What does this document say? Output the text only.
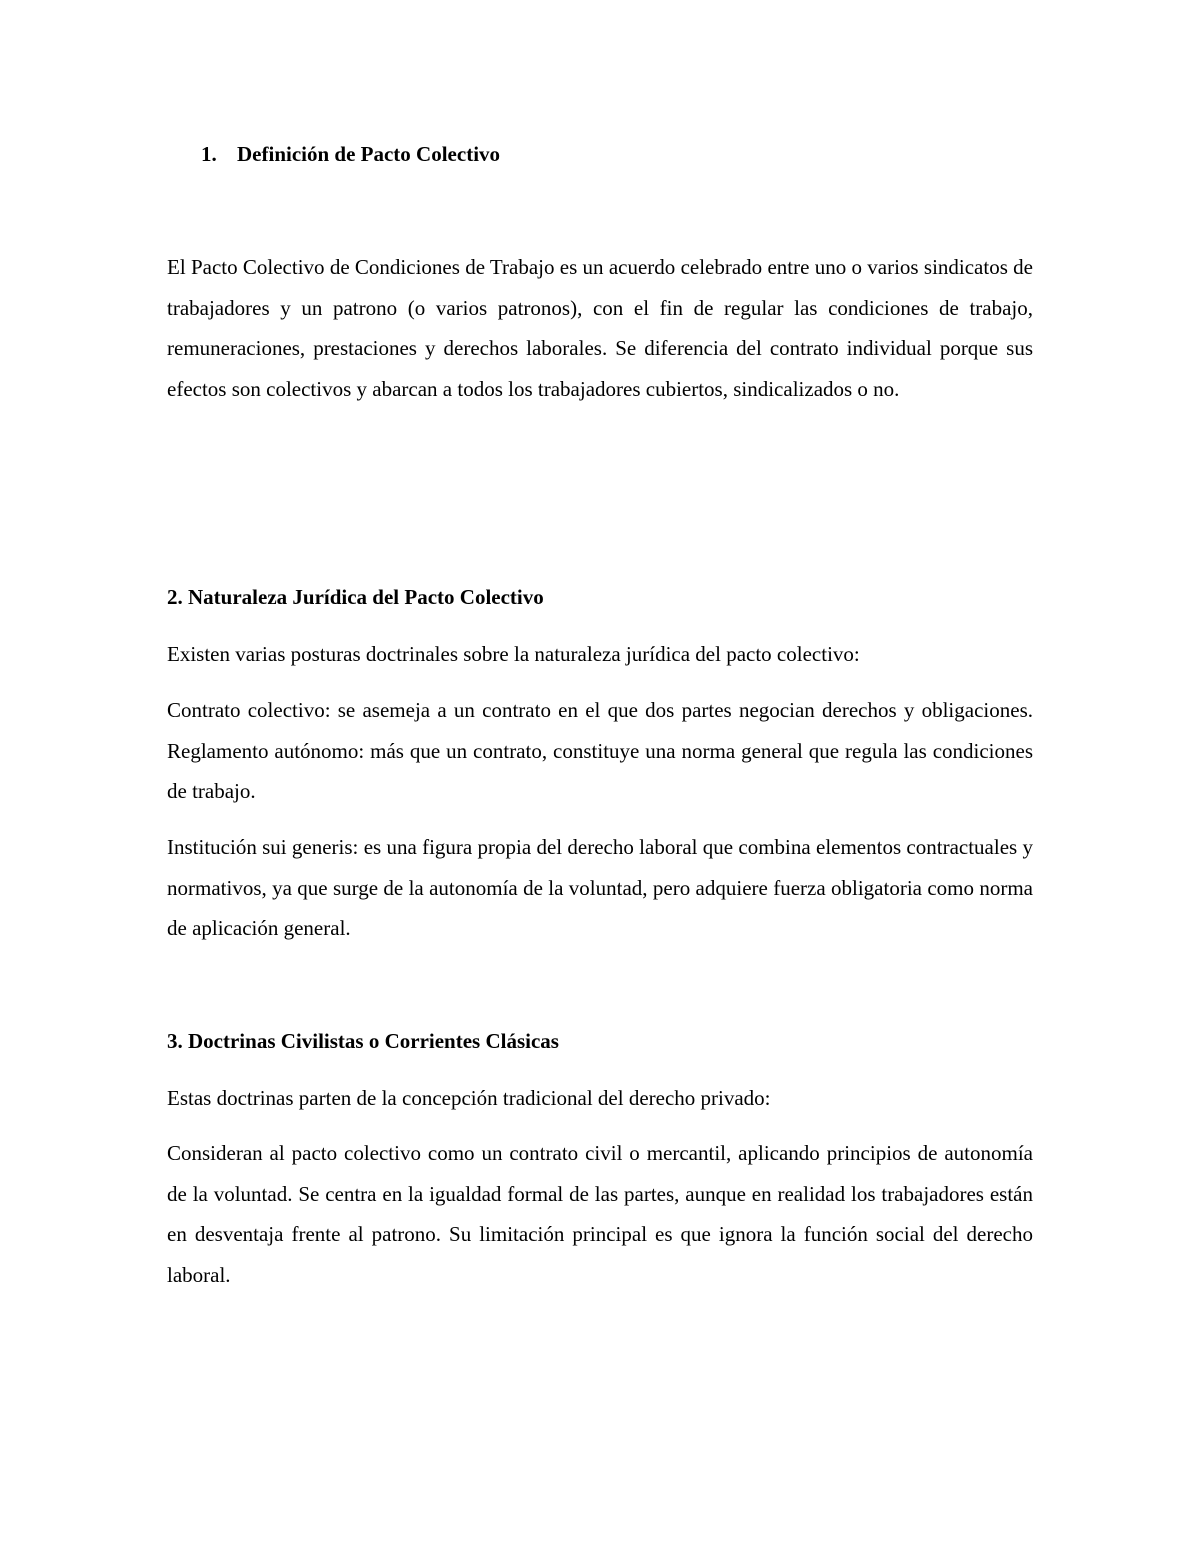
1. Definición de Pacto Colectivo

El Pacto Colectivo de Condiciones de Trabajo es un acuerdo celebrado entre uno o varios sindicatos de trabajadores y un patrono (o varios patronos), con el fin de regular las condiciones de trabajo, remuneraciones, prestaciones y derechos laborales. Se diferencia del contrato individual porque sus efectos son colectivos y abarcan a todos los trabajadores cubiertos, sindicalizados o no.

2. Naturaleza Jurídica del Pacto Colectivo

Existen varias posturas doctrinales sobre la naturaleza jurídica del pacto colectivo:

Contrato colectivo: se asemeja a un contrato en el que dos partes negocian derechos y obligaciones. Reglamento autónomo: más que un contrato, constituye una norma general que regula las condiciones de trabajo.

Institución sui generis: es una figura propia del derecho laboral que combina elementos contractuales y normativos, ya que surge de la autonomía de la voluntad, pero adquiere fuerza obligatoria como norma de aplicación general.

3. Doctrinas Civilistas o Corrientes Clásicas

Estas doctrinas parten de la concepción tradicional del derecho privado:

Consideran al pacto colectivo como un contrato civil o mercantil, aplicando principios de autonomía de la voluntad. Se centra en la igualdad formal de las partes, aunque en realidad los trabajadores están en desventaja frente al patrono. Su limitación principal es que ignora la función social del derecho laboral.
